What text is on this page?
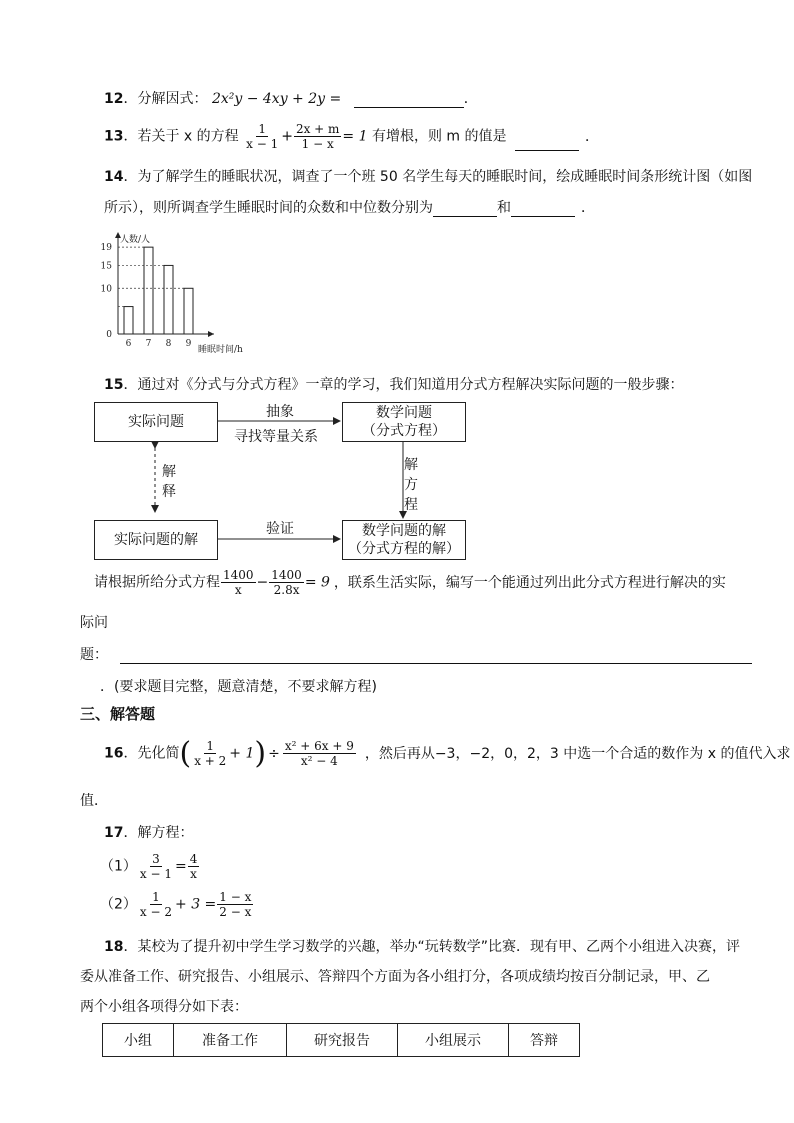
12．分解因式： 2x²y − 4xy + 2y =	．
13．若关于 x 的方程 $\frac{1}{x - 1} + \frac{2x + m}{1 - x} = 1$ 有增根，则 m 的值是	．
14．为了解学生的睡眠状况，调查了一个班 50 名学生每天的睡眠时间，绘成睡眠时间条形统计图（如图
所示），则所调查学生睡眠时间的众数和中位数分别为	和	．
人数/人
睡眠时间/h
0
10
15
19
6 7 8 9
15．通过对《分式与分式方程》一章的学习，我们知道用分式方程解决实际问题的一般步骤：
实际问题
数学问题
（分式方程）
实际问题的解
数学问题的解
（分式方程的解）
抽象
寻找等量关系
验证
解
方
程
解
释
请根据所给分式方程 $\frac{1400}{x} - \frac{1400}{2.8x} = 9$ ，联系生活实际，编写一个能通过列出此分式方程进行解决的实
际问
题：
．(要求题目完整，题意清楚，不要求解方程)
三、解答题
16．先化简( $\frac{1}{x + 2} + 1) \div \frac{\text{x² + 6x + 9}}{\text{x² − 4}}$ ，然后再从−3，−2，0，2，3 中选一个合适的数作为 x 的值代入求
值．
17．解方程：
$(1) \frac{3}{x - 1} = \frac{4}{x}$
$(2) \frac{1}{x - 2} + 3 = \frac{1 - x}{2 - x}$
18．某校为了提升初中学生学习数学的兴趣，举办“玩转数学”比赛．现有甲、乙两个小组进入决赛，评
委从准备工作、研究报告、小组展示、答辩四个方面为各小组打分，各项成绩均按百分制记录，甲、乙
两个小组各项得分如下表：
小组	准备工作	研究报告	小组展示	答辩
